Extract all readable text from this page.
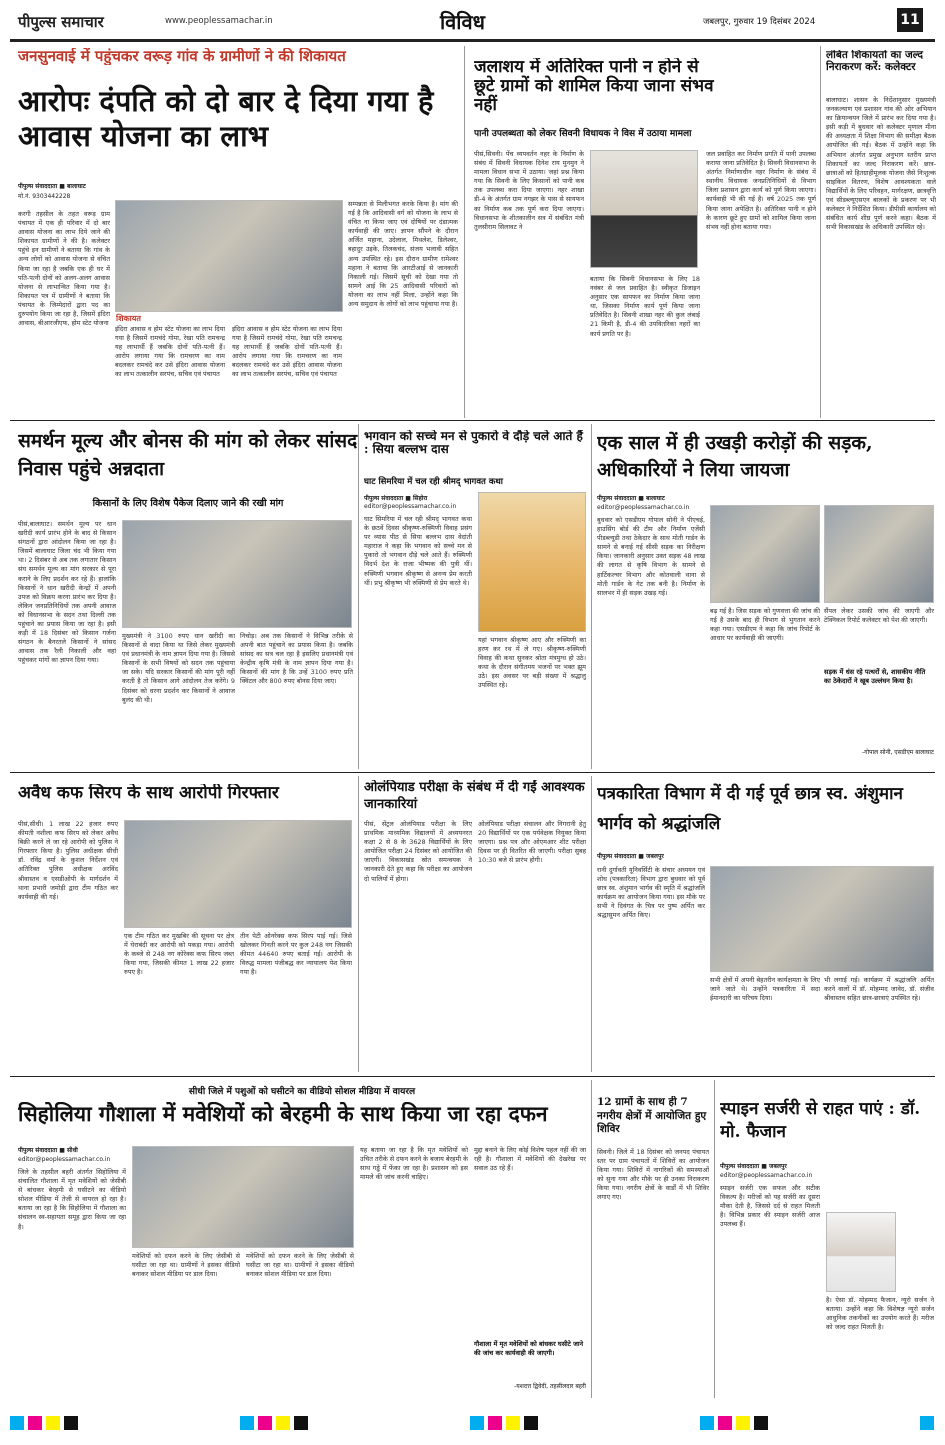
पीपुल्स समाचार	www.peoplessamachar.in	विविध	जबलपुर, गुरुवार 19 दिसंबर 2024	11
जनसुनवाई में पहुंचकर वरूड़ गांव के ग्रामीणों ने की शिकायत
आरोपः दंपति को दो बार दे दिया गया है आवास योजना का लाभ
पीपुल्स संवाददाता ■ बालाघाट
मो.नं. 9303442228
करगी तहसील के तहत वरूड़ ग्राम पंचायत में एक ही परिवार में दो बार आवास योजना का लाभ दिये जाने की शिकायत ग्रामीणों ने की है। कलेक्टर पहुंचे इन ग्रामीणों ने बताया कि गांव के अन्य लोगों को आवास योजना से वंचित किया जा रहा है जबकि एक ही घर में पति-पत्नी दोनों को अलग-अलग आवास योजना से लाभान्वित किया गया है। शिकायत पत्र में ग्रामीणों ने बताया कि पंचायत के जिम्मेदारों द्वारा पद का दुरुपयोग किया जा रहा है, जिसमें इंदिरा आवास, बीआरजीएफ, होम स्टेट योजना
शिकायत
इंदिरा आवास व होम स्टेट योजना का लाभ दिया गया है जिसमें रामचंदे गोमा, रेखा पति रामचन्द्र यह लाभार्थी हैं जबकि दोनों पति-पत्नी हैं। आरोप लगाया गया कि रामचरण का नाम बदलकर रामचंदे कर उसे इंदिरा आवास योजना का लाभ तत्कालीन सरपंच, सचिव एवं पंचायत
इंदिरा आवास व होम स्टेट योजना का लाभ दिया गया है जिसमें रामचंदे गोमा, रेखा पति रामचन्द्र यह लाभार्थी हैं जबकि दोनों पति-पत्नी हैं। आरोप लगाया गया कि रामचरण का नाम बदलकर रामचंदे कर उसे इंदिरा आवास योजना का लाभ तत्कालीन सरपंच, सचिव एवं पंचायत
सम्पन्नता से मिलीभगत करके किया है। मांग की गई है कि आदिवासी वर्ग को योजना के लाभ से वंचित ना किया जाए एवं दोषियों पर दंडात्मक कार्यवाही की जाए। ज्ञापन सौंपने के दौरान अर्जित महाना, उदेलाल, मिथलेश, डिलेश्वर, बहादुर उइके, तिलकचंद, संजय भलावी सहित अन्य उपस्थित रहे। इस दौरान ग्रामीण रामेश्वर महाना ने बताया कि आरटीआई से जानकारी निकाली गई। जिसमें सूची को देखा गया तो सामने आई कि 25 आदिवासी परिवारों को योजना का लाभ नहीं मिला, उन्होंने कहा कि अन्य समुदाय के लोगों को लाभ पहुंचाया गया है।
जलाशय में अतिरिक्त पानी न होने से छूटे ग्रामों को शामिल किया जाना संभव नहीं
पानी उपलब्धता को लेकर सिवनी विधायक ने विस में उठाया मामला
पीसं,सिवनी। पेंच व्यपवर्तन नहर के निर्माण के संबंध में सिवनी विधायक दिनेश राय मुनमुन ने मामला विधान सभा में उठाया। जहां प्रश्न किया गया कि सिवनी के लिए किसानों को पानी कब तक उपलब्ध करा दिया जाएगा। नहर शाखा डी-4 के अंतर्गत ग्राम नगझर के पास से सायफन का निर्माण कब तक पूर्ण करा दिया जाएगा। विधानसभा के शीतकालीन सत्र में संबंधित मंत्री तुलसीराम सिलावट ने
बताया कि सिवनी विधानसभा के लिए 18 नवंबर से जल प्रवाहित है। स्वीकृत डिजाइन अनुसार एक सायफन का निर्माण किया जाना था, जिसका निर्माण कार्य पूर्ण किया जाना प्रतिवेदित है। सिवनी शाखा नहर की कुल लंबाई 21 किमी है, डी-4 की उपवितरिका नहरों का कार्य प्रगति पर है।
जल प्रवाहित कर निर्माण प्रगति में पानी उपलब्ध कराया जाना प्रतिवेदित है। सिवनी विधानसभा के अंतर्गत निर्माणाधीन नहर निर्माण के संबंध में स्थानीय विधायक जनप्रतिनिधियों से विभाग जिला प्रशासन द्वारा कार्य को पूर्ण किया जाएगा। कार्यवाही भी की गई है। वर्ष 2025 तक पूर्ण किया जाना अपेक्षित है। अतिरिक्त पानी न होने के कारण छूटे हुए ग्रामों को शामिल किया जाना संभव नहीं होना बताया गया।
लंबित शिकायतों का जल्द निराकरण करें: कलेक्टर
बालाघाट। शासन के निर्देशानुसार मुख्यमंत्री जनकल्याण एवं प्रशासन गांव की ओर अभियान का क्रियान्वयन जिले में प्रारंभ कर दिया गया है। इसी कड़ी में बुधवार को कलेक्टर मृणाल मीना की अध्यक्षता में शिक्षा विभाग की समीक्षा बैठक आयोजित की गई। बैठक में उन्होंने कहा कि अभियान अंतर्गत प्रमुख अनुभाग स्तरीय प्राप्त शिकायतों का जल्द निराकरण करें। छात्र-छात्राओं को हितग्राहीमूलक योजना जैसे निःशुल्क साइकिल वितरण, विशेष आवश्यकता वाले विद्यार्थियों के लिए परिवहन, मार्गरक्षण, छात्रवृत्ति एवं सीडब्ल्यूएसएन बालकों के प्रकरण पर भी कलेक्टर ने निर्देशित किया। डीपीसी कार्यालय को संबंधित कार्य शीघ्र पूर्ण करने कहा। बैठक में सभी विकासखंड के अधिकारी उपस्थित रहे।
समर्थन मूल्य और बोनस की मांग को लेकर सांसद निवास पहुंचे अन्नदाता
किसानों के लिए विशेष पैकेज दिलाए जाने की रखी मांग
पीसं,बालाघाट। समर्थन मूल्य पर धान खरीदी कार्य प्रारंभ होने के बाद से किसान संगठनों द्वारा आंदोलन किया जा रहा है। जिसमें बालाघाट जिला चंद भी किया गया था। 2 दिसंबर से अब तक लगातार किसान संघ समर्थन मूल्य का मांग सरकार से पूरा कराने के लिए प्रदर्शन कर रहे हैं। हालांकि किसानों ने धान खरीदी केन्द्रों में अपनी उपज को विक्रय करना प्रारंभ कर दिया है। लेकिन जनप्रतिनिधियों तक अपनी आवाज को विधानसभा के सदन तथा दिल्ली तक पहुंचाने का प्रयास किया जा रहा है। इसी कड़ी में 18 दिसंबर को किसान गर्जना संगठन के बैनरतले किसानों ने सांसद आवास तक रैली निकाली और वहां पहुंचकर मांगों का ज्ञापन दिया गया।
मुख्यमंत्री ने 3100 रुपए धान खरीदी का किसानों से वादा किया था जिसे लेकर मुख्यमंत्री एवं प्रधानमंत्री के नाम ज्ञापन दिया गया है। जिससे किसानों के सभी विषयों को सदन तक पहुंचाया जा सके। यदि सरकार किसानों की मांग पूरी नहीं करती है तो किसान आगे आंदोलन तेज करेंगे। 9 दिसंबर को धरना प्रदर्शन कर किसानों ने आवाज बुलंद की थी।
निचोड़। अब तक किसानों ने विभिन्न तरीके से अपनी बात पहुंचाने का प्रयास किया है। जबकि सांसद का सत्र चल रहा है इसलिए प्रधानमंत्री एवं केन्द्रीय कृषि मंत्री के नाम ज्ञापन दिया गया है। किसानों की मांग है कि उन्हें 3100 रुपए प्रति क्विंटल और 800 रुपए बोनस दिया जाए।
भगवान को सच्चे मन से पुकारो वे दौड़े चले आते हैं : सिया बल्लभ दास
घाट सिमरिया में चल रही श्रीमद् भागवत कथा
पीपुल्स संवाददाता ■ सिहोरा
editor@peoplessamachar.co.in
घाट सिमरिया में चल रही श्रीमद् भागवत कथा के छठवें दिवस श्रीकृष्ण-रुक्मिणी विवाह प्रसंग पर व्यास पीठ से सिया बल्लभ दास वेदांती महाराज ने कहा कि भगवान को सच्चे मन से पुकारो तो भगवान दौड़े चले आते हैं। रुक्मिणी विदर्भ देश के राजा भीष्मक की पुत्री थीं। रुक्मिणी भगवान श्रीकृष्ण से अनन्य प्रेम करती थीं। प्रभु श्रीकृष्ण भी रुक्मिणी से प्रेम करते थे।
यहां भगवान श्रीकृष्ण आए और रुक्मिणी का हरण कर रथ में ले गए। श्रीकृष्ण-रुक्मिणी विवाह की कथा सुनकर श्रोता मंत्रमुग्ध हो उठे। कथा के दौरान संगीतमय भजनों पर भक्त झूम उठे। इस अवसर पर बड़ी संख्या में श्रद्धालु उपस्थित रहे।
एक साल में ही उखड़ी करोड़ों की सड़क, अधिकारियों ने लिया जायजा
पीपुल्स संवाददाता ■ बालाघाट
editor@peoplessamachar.co.in
बुधवार को एसडीएम गोपाल सोनी ने पीएचई, हाउसिंग बोर्ड की टीम और निर्माण एजेंसी पीडब्ल्यूडी तथा ठेकेदार के साथ मोती गार्डन के सामने से बनाई गई सीसी सड़क का निरीक्षण किया। जानकारी अनुसार उक्त सड़क 48 लाख की लागत से कृषि विभाग के सामने से हार्टिकल्चर विभाग और कोतवाली थाना से मोती गार्डन के गेट तक बनी है। निर्माण के सालभर में ही सड़क उखड़ गई।
बढ़ गई है। जिस सड़क को गुणवत्ता की जांच की गई है उसके बाद ही विभाग से भुगतान करने कहा गया। एसडीएम ने कहा कि जांच रिपोर्ट के आधार पर कार्यवाही की जाएगी।
सैंपल लेकर उसकी जांच की जाएगी और टेक्निकल रिपोर्ट कलेक्टर को पेश की जाएगी।
सड़क में धंस रहे पत्थरों से, शासकीय नीति का ठेकेदारों ने खूब उल्लंघन किया है।
-गोपाल सोनी, एसडीएम बालाघाट
अवैध कफ सिरप के साथ आरोपी गिरफ्तार
पीसं,सीधी। 1 लाख 22 हजार रुपए कीमती नशीला कफ सिरप को लेकर अवैध बिक्री करने ले जा रहे आरोपी को पुलिस ने गिरफ्तार किया है। पुलिस अधीक्षक सीधी डॉ. रविंद्र वर्मा के कुशल निर्देशन एवं अतिरिक्त पुलिस अधीक्षक अरविंद श्रीवास्तव व एसडीओपी के मार्गदर्शन में थाना प्रभारी जमोड़ी द्वारा टीम गठित कर कार्यवाही की गई।
एक टीम गठित कर मुखबिर की सूचना पर क्षेत्र में घेराबंदी कर आरोपी को पकड़ा गया। आरोपी के कब्जे से 248 नग कोरेक्स कफ सिरप जब्त किया गया, जिसकी कीमत 1 लाख 22 हजार रुपए है।
तीन पेटी ओनरेक्स कफ सिरप पाई गई। जिसे खोलकर गिनती करने पर कुल 248 नग जिसकी कीमत 44640 रुपए बताई गई। आरोपी के विरुद्ध मामला पंजीबद्ध कर न्यायालय पेश किया गया है।
ओलंपियाड परीक्षा के संबंध में दी गईं आवश्यक जानकारियां
पीसं, सेंट्रल ओलंपियाड परीक्षा के लिए प्राथमिक माध्यमिक विद्यालयों में अध्ययनरत कक्षा 2 से 8 के 3628 विद्यार्थियों के लिए आयोजित परीक्षा 24 दिसंबर को आयोजित की जाएगी। विकासखंड स्रोत समन्वयक ने जानकारी देते हुए कहा कि परीक्षा का आयोजन दो पालियों में होगा।
ओलंपियाड परीक्षा संचालन और निगरानी हेतु 20 विद्यार्थियों पर एक पर्यवेक्षक नियुक्त किया जाएगा। प्रश्न पत्र और ओएमआर शीट परीक्षा दिवस पर ही वितरित की जाएगी। परीक्षा सुबह 10:30 बजे से प्रारंभ होगी।
पत्रकारिता विभाग में दी गई पूर्व छात्र स्व. अंशुमान भार्गव को श्रद्धांजलि
पीपुल्स संवाददाता ■ जबलपुर
रानी दुर्गावती यूनिवर्सिटी के संचार अध्ययन एवं शोध (पत्रकारिता) विभाग द्वारा बुधवार को पूर्व छात्र स्व. अंशुमान भार्गव की स्मृति में श्रद्धांजलि कार्यक्रम का आयोजन किया गया। इस मौके पर सभी ने दिवंगत के चित्र पर पुष्प अर्पित कर श्रद्धासुमन अर्पित किए।
सभी क्षेत्रों में अपनी बेहतरीन कार्यक्षमता के लिए जाने जाते थे। उन्होंने पत्रकारिता में सदा ईमानदारी का परिचय दिया।
भी लगाई गई। कार्यक्रम में श्रद्धांजलि अर्पित करने वालों में डॉ. मोहम्मद जावेद, डॉ. संजीव श्रीवास्तव सहित छात्र-छात्राएं उपस्थित रहे।
सीधी जिले में पशुओं को घसीटने का वीडियो सोशल मीडिया में वायरल
सिहोलिया गौशाला में मवेशियों को बेरहमी के साथ किया जा रहा दफन
पीपुल्स संवाददाता ■ सीधी
editor@peoplessamachar.co.in
जिले के तहसील बहरी अंतर्गत सिहोलिया में संचालित गौशाला में मृत मवेशियों को जेसीबी से बांधकर बेरहमी से घसीटने का वीडियो सोशल मीडिया में तेजी से वायरल हो रहा है। बताया जा रहा है कि सिहोलिया में गौशाला का संचालन स्व-सहायता समूह द्वारा किया जा रहा है।
मवेशियों को दफन करने के लिए जेसीबी से घसीटा जा रहा था। ग्रामीणों ने इसका वीडियो बनाकर सोशल मीडिया पर डाल दिया।
मवेशियों को दफन करने के लिए जेसीबी से घसीटा जा रहा था। ग्रामीणों ने इसका वीडियो बनाकर सोशल मीडिया पर डाल दिया।
यह बताया जा रहा है कि मृत मवेशियों को उचित तरीके से दफन करने के बजाय बेरहमी के साथ गड्ढे में फेंका जा रहा है। प्रशासन को इस मामले की जांच करनी चाहिए।
मुद्दा बनाने के लिए कोई विशेष पहल नहीं की जा रही है। गौशाला में मवेशियों की देखरेख पर सवाल उठ रहे हैं।
गौशाला में मृत मवेशियों को बांधकर घसीटे जाने की जांच कर कार्यवाही की जाएगी।
-यशदत्त द्विवेदी, तहसीलदार बहरी
12 ग्रामों के साथ ही 7 नगरीय क्षेत्रों में आयोजित हुए शिविर
सिवनी। जिले में 18 दिसंबर को जनपद पंचायत स्तर पर ग्राम पंचायतों में शिविरों का आयोजन किया गया। शिविरों में नागरिकों की समस्याओं को सुना गया और मौके पर ही उनका निराकरण किया गया। नगरीय क्षेत्रों के वार्डों में भी शिविर लगाए गए।
स्पाइन सर्जरी से राहत पाएं : डॉ. मो. फैजान
पीपुल्स संवाददाता ■ जबलपुर
editor@peoplessamachar.co.in
स्पाइन सर्जरी एक सफल और सटीक विकल्प है। मरीजों को यह सर्जरी का दूसरा मौका देती है, जिससे दर्द से राहत मिलती है। विभिन्न प्रकार की स्पाइन सर्जरी आज उपलब्ध हैं।
है। ऐसा डॉ. मोहम्मद फैजान, न्यूरो सर्जन ने बताया। उन्होंने कहा कि विशेषज्ञ न्यूरो सर्जन आधुनिक तकनीकों का उपयोग करते हैं। मरीज को जल्द राहत मिलती है।
